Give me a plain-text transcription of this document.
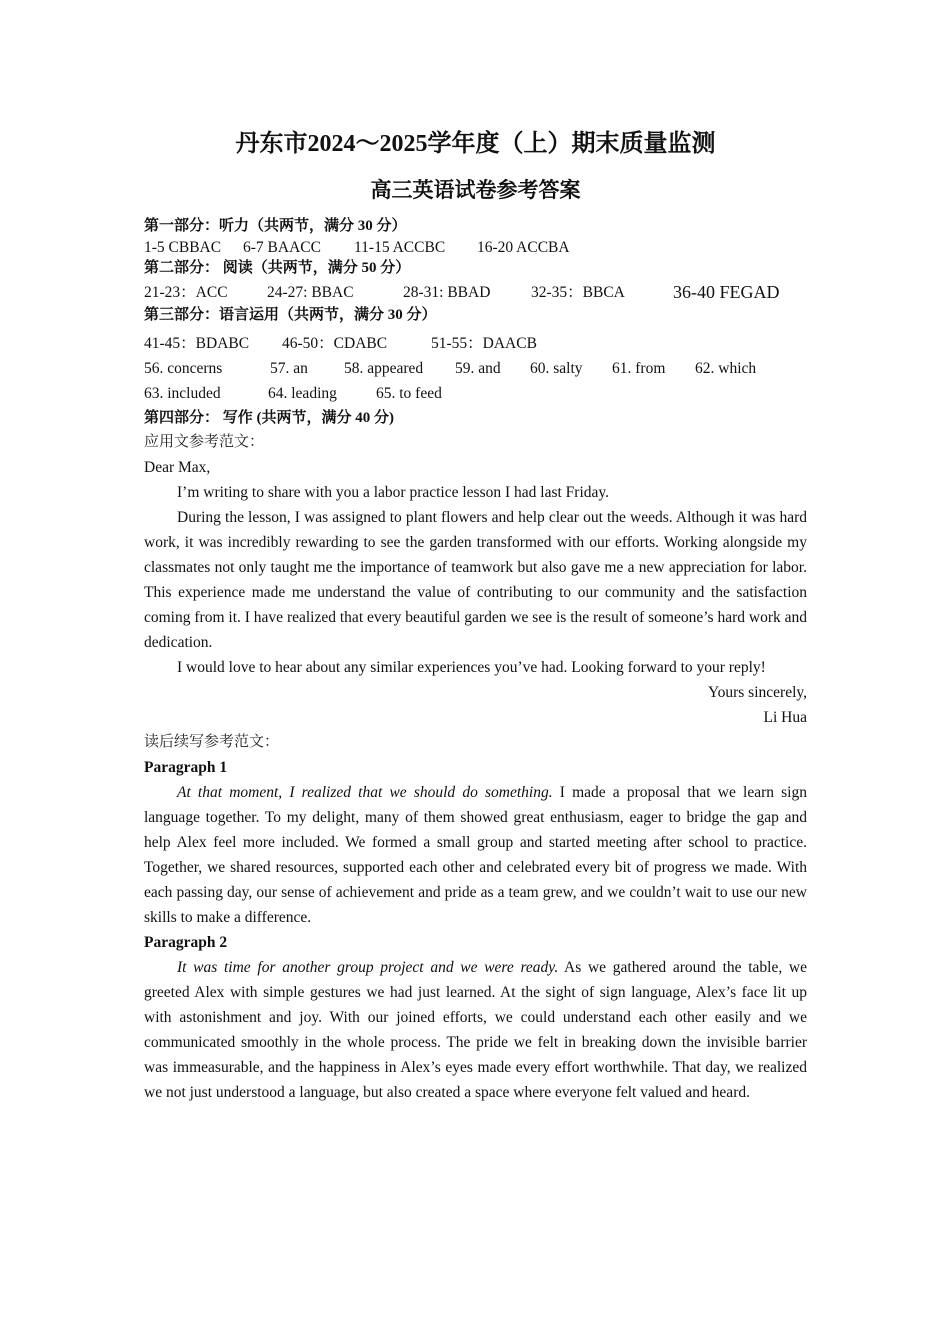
丹东市2024～2025学年度（上）期末质量监测
高三英语试卷参考答案
第一部分：听力（共两节，满分 30 分）
1-5 CBBAC	6-7 BAACC	11-15 ACCBC	16-20 ACCBA
第二部分： 阅读（共两节，满分 50 分）
21-23：ACC	24-27: BBAC	28-31: BBAD	32-35：BBCA	36-40 FEGAD
第三部分：语言运用（共两节，满分 30 分）
41-45：BDABC	46-50：CDABC	51-55：DAACB
56. concerns	57. an	58. appeared	59. and	60. salty	61. from	62. which
63. included	64. leading	65. to feed
第四部分： 写作 (共两节，满分 40 分)
应用文参考范文：
Dear Max,

I’m writing to share with you a labor practice lesson I had last Friday.

During the lesson, I was assigned to plant flowers and help clear out the weeds. Although it was hard work, it was incredibly rewarding to see the garden transformed with our efforts. Working alongside my classmates not only taught me the importance of teamwork but also gave me a new appreciation for labor. This experience made me understand the value of contributing to our community and the satisfaction coming from it. I have realized that every beautiful garden we see is the result of someone’s hard work and dedication.

I would love to hear about any similar experiences you’ve had. Looking forward to your reply!

Yours sincerely,
Li Hua
读后续写参考范文：
Paragraph 1

At that moment, I realized that we should do something. I made a proposal that we learn sign language together. To my delight, many of them showed great enthusiasm, eager to bridge the gap and help Alex feel more included. We formed a small group and started meeting after school to practice. Together, we shared resources, supported each other and celebrated every bit of progress we made. With each passing day, our sense of achievement and pride as a team grew, and we couldn’t wait to use our new skills to make a difference.

Paragraph 2

It was time for another group project and we were ready. As we gathered around the table, we greeted Alex with simple gestures we had just learned. At the sight of sign language, Alex’s face lit up with astonishment and joy. With our joined efforts, we could understand each other easily and we communicated smoothly in the whole process. The pride we felt in breaking down the invisible barrier was immeasurable, and the happiness in Alex’s eyes made every effort worthwhile. That day, we realized we not just understood a language, but also created a space where everyone felt valued and heard.
